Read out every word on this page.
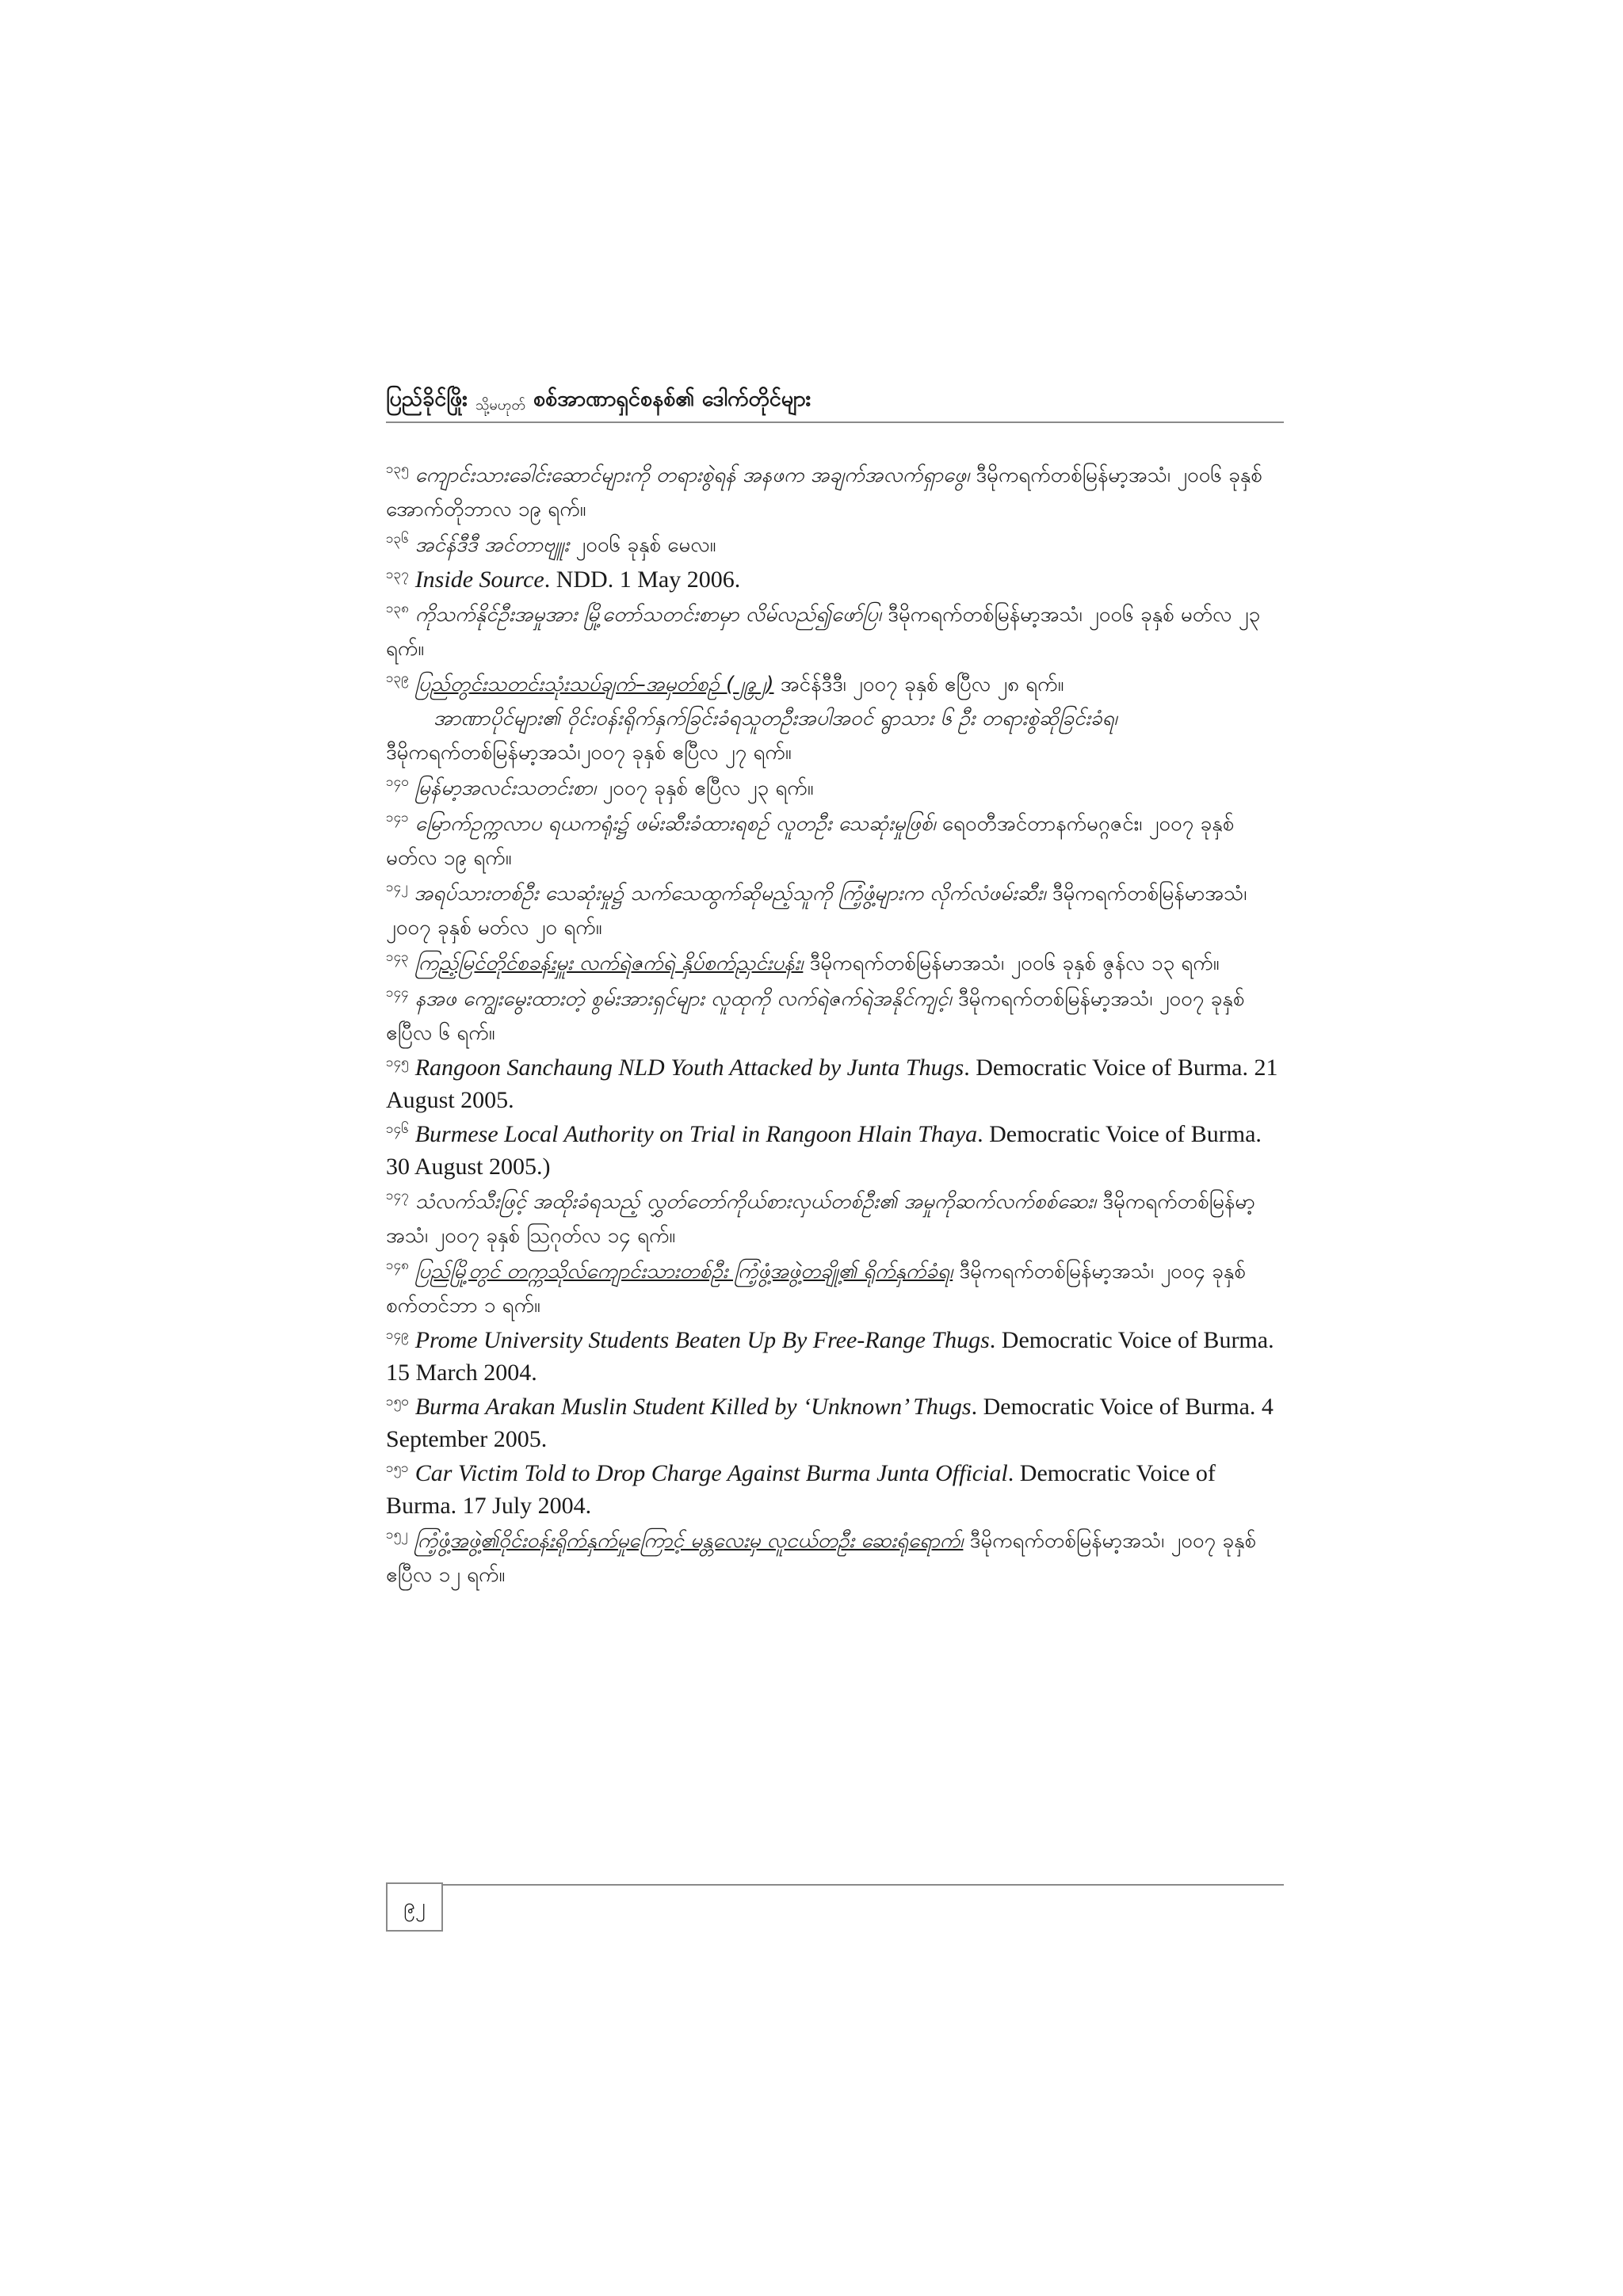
ပြည်ခိုင်ဖြိုး သို့မဟုတ် စစ်အာဏာရှင်စနစ်၏ ဒေါက်တိုင်များ
$^{၁၃၅}$ ကျောင်းသားခေါင်းဆောင်များကို တရားစွဲရန် အနဖက အချက်အလက်ရှာဖွေ၊ ဒီမိုကရက်တစ်မြန်မာ့အသံ၊ ၂၀၀၆ ခုနှစ် အောက်တိုဘာလ ၁၉ ရက်။
$^{၁၃၆}$ အင်န်ဒီဒီ အင်တာဗျူး ၂၀၀၆ ခုနှစ် မေလ။
$^{၁၃၇}$ Inside Source. NDD. 1 May 2006.
$^{၁၃၈}$ ကိုသက်နိုင်ဦးအမှုအား မြို့တော်သတင်းစာမှာ လိမ်လည်၍ဖော်ပြ၊ ဒီမိုကရက်တစ်မြန်မာ့အသံ၊ ၂၀၀၆ ခုနှစ် မတ်လ ၂၃ ရက်။
$^{၁၃၉}$ ပြည်တွင်းသတင်းသုံးသပ်ချက်–အမှတ်စဉ် (၂၉၂) အင်န်ဒီဒီ၊ ၂၀၀၇ ခုနှစ် ဧပြီလ ၂၈ ရက်။
အာဏာပိုင်များ၏ ဝိုင်းဝန်းရိုက်နှက်ခြင်းခံရသူတဦးအပါအဝင် ရွာသား ၆ ဦး တရားစွဲဆိုခြင်းခံရ၊
ဒီမိုကရက်တစ်မြန်မာ့အသံ၊၂၀၀၇ ခုနှစ် ဧပြီလ ၂၇ ရက်။
$^{၁၄၀}$ မြန်မာ့အလင်းသတင်းစာ၊ ၂၀၀၇ ခုနှစ် ဧပြီလ ၂၃ ရက်။
$^{၁၄၁}$ မြောက်ဥက္ကလာပ ရယကရုံး၌ ဖမ်းဆီးခံထားရစဉ် လူတဦး သေဆုံးမှုဖြစ်၊ ရေဝတီအင်တာနက်မဂ္ဂဇင်း၊ ၂၀၀၇ ခုနှစ် မတ်လ ၁၉ ရက်။
$^{၁၄၂}$ အရပ်သားတစ်ဦး သေဆုံးမှု၌ သက်သေထွက်ဆိုမည့်သူကို ကြံ့ဖွံ့များက လိုက်လံဖမ်းဆီး၊ ဒီမိုကရက်တစ်မြန်မာအသံ၊ ၂၀၀၇ ခုနှစ် မတ်လ ၂၀ ရက်။
$^{၁၄၃}$ ကြည့်မြင်တိုင်စခန်းမှူး လက်ရဲဇက်ရဲ နှိပ်စက်ညှင်းပန်း၊ ဒီမိုကရက်တစ်မြန်မာအသံ၊ ၂၀၀၆ ခုနှစ် ဇွန်လ ၁၃ ရက်။
$^{၁၄၄}$ နအဖ ကျွေးမွေးထားတဲ့ စွမ်းအားရှင်များ လူထုကို လက်ရဲဇက်ရဲအနိုင်ကျင့်၊ ဒီမိုကရက်တစ်မြန်မာ့အသံ၊ ၂၀၀၇ ခုနှစ် ဧပြီလ ၆ ရက်။
$^{၁၄၅}$ Rangoon Sanchaung NLD Youth Attacked by Junta Thugs. Democratic Voice of Burma. 21 August 2005.
$^{၁၄၆}$ Burmese Local Authority on Trial in Rangoon Hlain Thaya. Democratic Voice of Burma. 30 August 2005.)
$^{၁၄၇}$ သံလက်သီးဖြင့် အထိုးခံရသည့် လွှတ်တော်ကိုယ်စားလှယ်တစ်ဦး၏ အမှုကိုဆက်လက်စစ်ဆေး၊ ဒီမိုကရက်တစ်မြန်မာ့အသံ၊ ၂၀၀၇ ခုနှစ် ဩဂုတ်လ ၁၄ ရက်။
$^{၁၄၈}$ ပြည်မြို့တွင် တက္ကသိုလ်ကျောင်းသားတစ်ဦး ကြံ့ဖွံ့အဖွဲ့တချို့၏ ရိုက်နှက်ခံရ၊ ဒီမိုကရက်တစ်မြန်မာ့အသံ၊ ၂၀၀၄ ခုနှစ် စက်တင်ဘာ ၁ ရက်။
$^{၁၄၉}$ Prome University Students Beaten Up By Free-Range Thugs. Democratic Voice of Burma. 15 March 2004.
$^{၁၅၀}$ Burma Arakan Muslin Student Killed by ‘Unknown’ Thugs. Democratic Voice of Burma. 4 September 2005.
$^{၁၅၁}$ Car Victim Told to Drop Charge Against Burma Junta Official. Democratic Voice of Burma. 17 July 2004.
$^{၁၅၂}$ ကြံ့ဖွံ့အဖွဲ့၏ဝိုင်းဝန်းရိုက်နှက်မှုကြောင့် မန္တလေးမှ လူငယ်တဦး ဆေးရုံရောက်၊ ဒီမိုကရက်တစ်မြန်မာ့အသံ၊ ၂၀၀၇ ခုနှစ် ဧပြီလ ၁၂ ရက်။
၉၂
